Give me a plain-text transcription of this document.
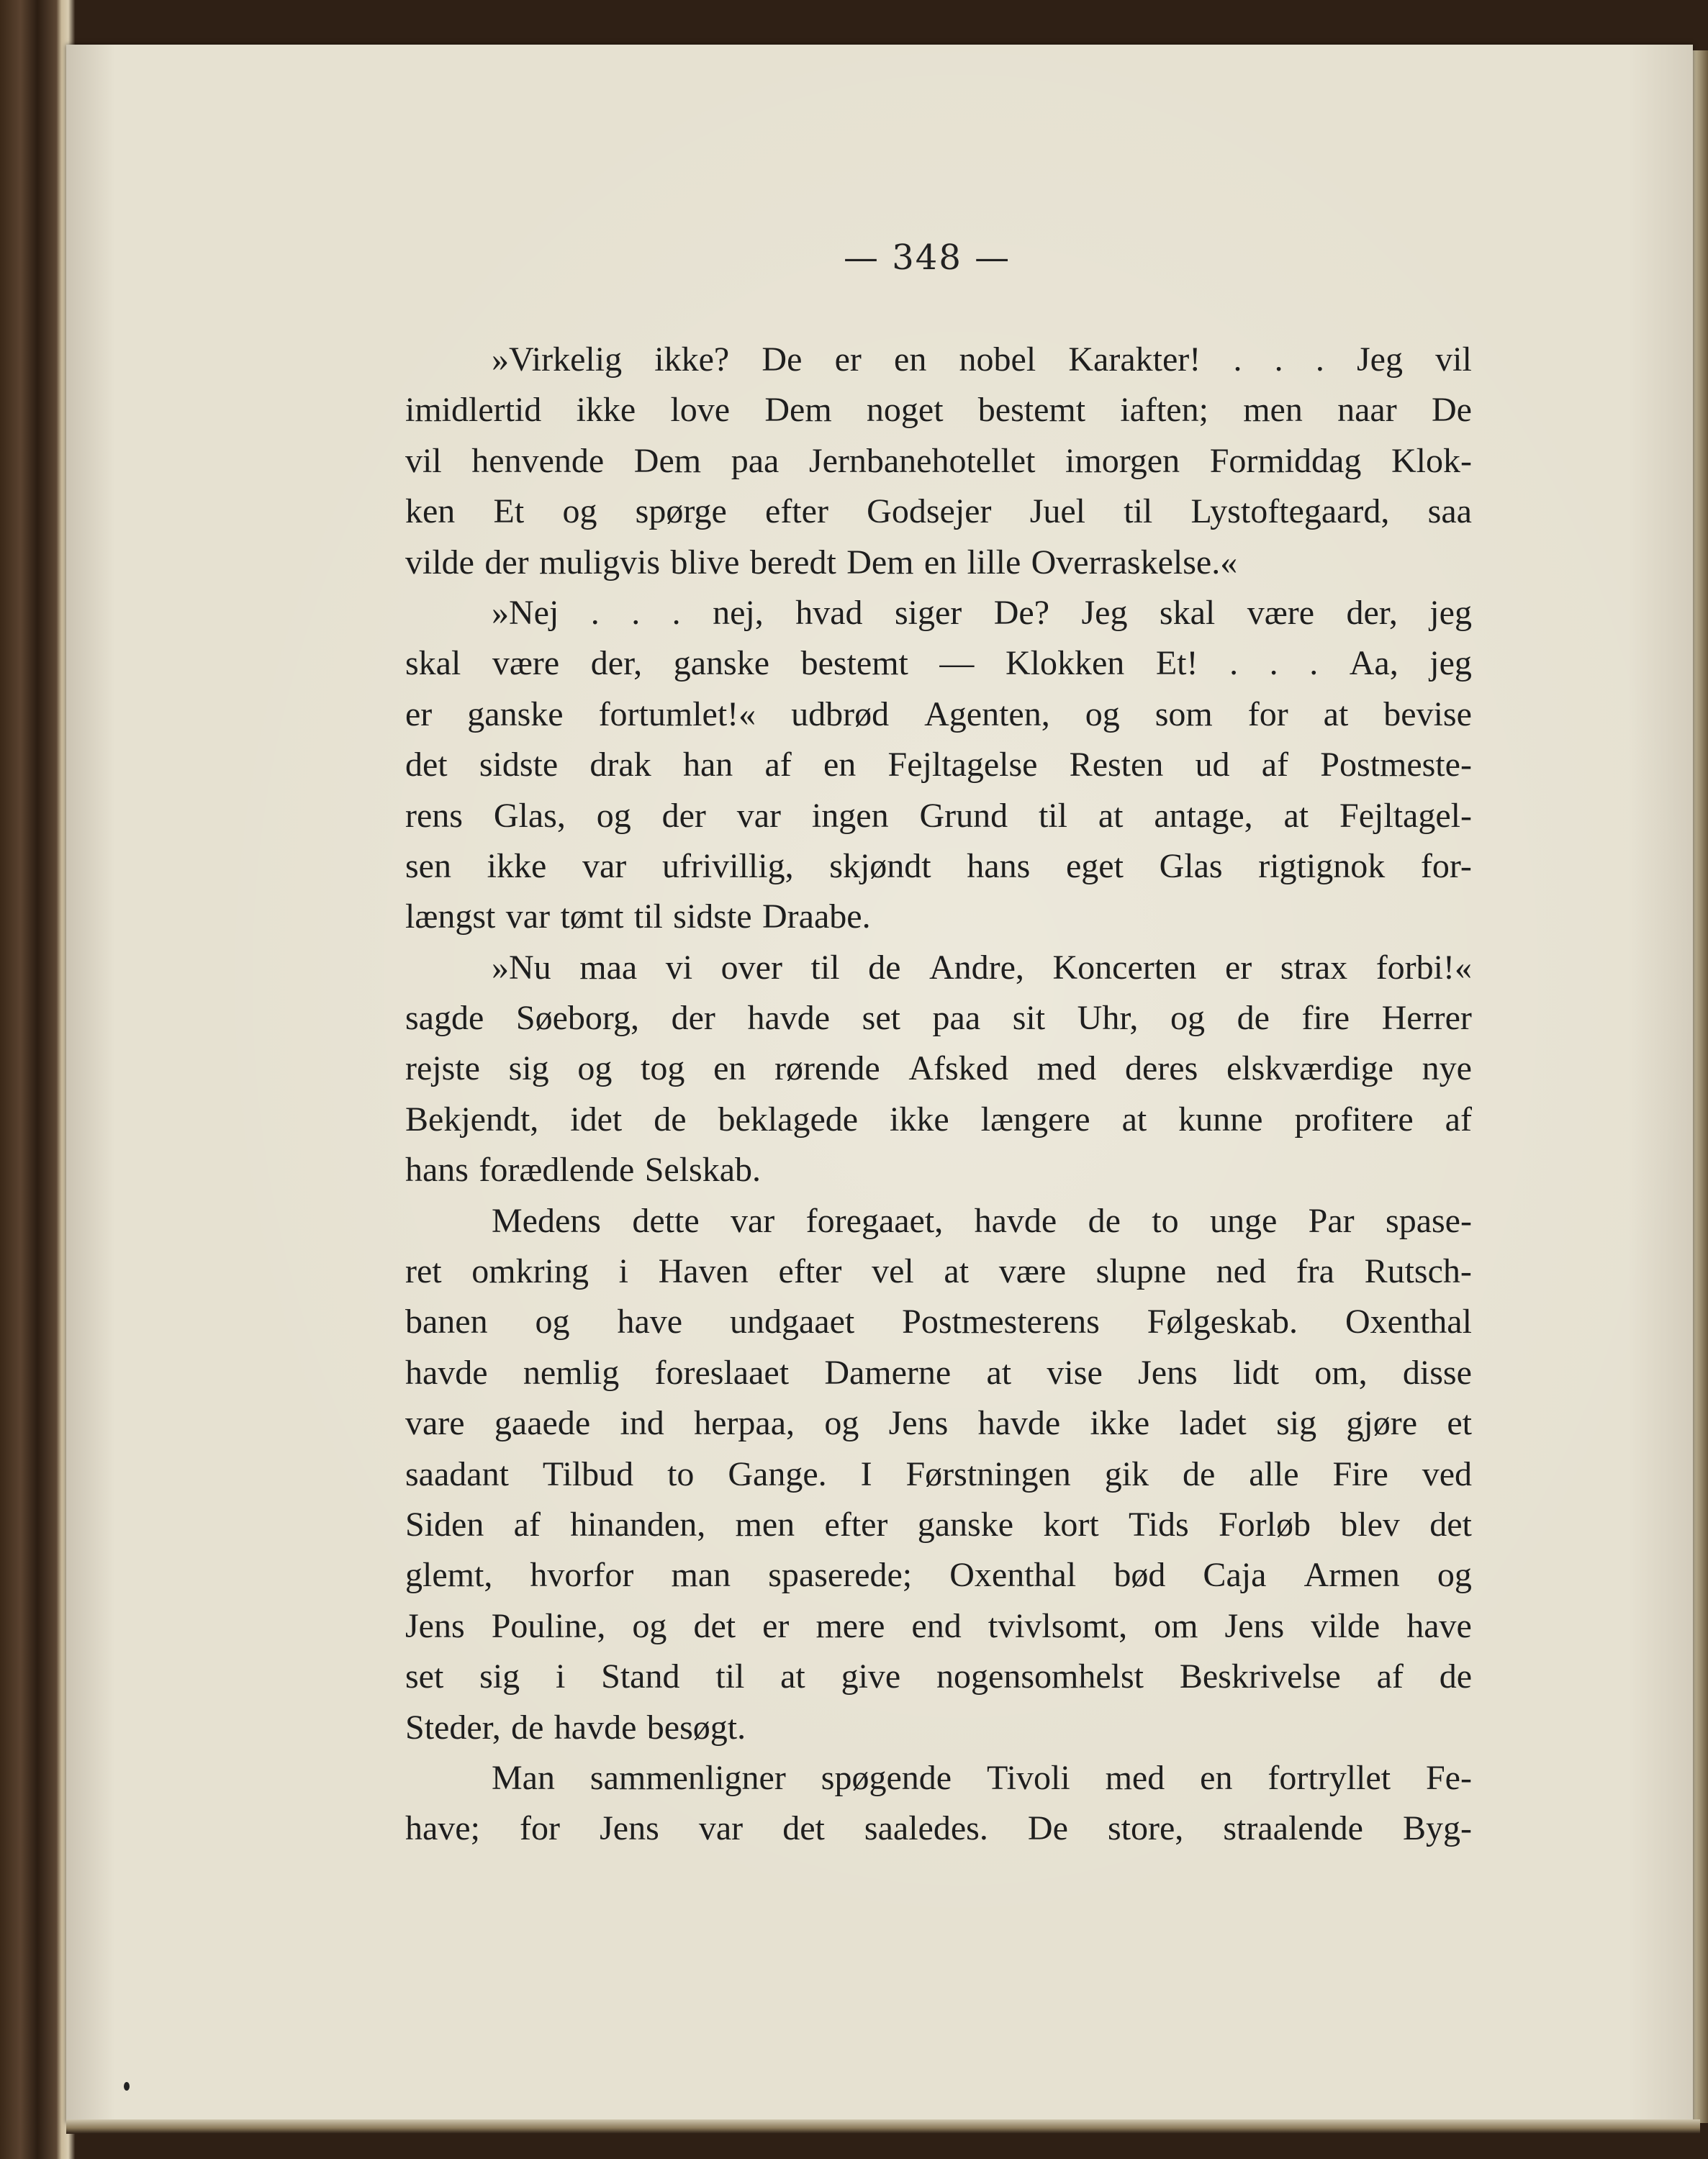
— 348 —
»Virkelig ikke? De er en nobel Karakter! . . . Jeg vil
imidlertid ikke love Dem noget bestemt iaften; men naar De
vil henvende Dem paa Jernbanehotellet imorgen Formiddag Klok-
ken Et og spørge efter Godsejer Juel til Lystoftegaard, saa
vilde der muligvis blive beredt Dem en lille Overraskelse.«
»Nej . . . nej, hvad siger De? Jeg skal være der, jeg
skal være der, ganske bestemt — Klokken Et! . . . Aa, jeg
er ganske fortumlet!« udbrød Agenten, og som for at bevise
det sidste drak han af en Fejltagelse Resten ud af Postmeste-
rens Glas, og der var ingen Grund til at antage, at Fejltagel-
sen ikke var ufrivillig, skjøndt hans eget Glas rigtignok for-
længst var tømt til sidste Draabe.
»Nu maa vi over til de Andre, Koncerten er strax forbi!«
sagde Søeborg, der havde set paa sit Uhr, og de fire Herrer
rejste sig og tog en rørende Afsked med deres elskværdige nye
Bekjendt, idet de beklagede ikke længere at kunne profitere af
hans forædlende Selskab.
Medens dette var foregaaet, havde de to unge Par spase-
ret omkring i Haven efter vel at være slupne ned fra Rutsch-
banen og have undgaaet Postmesterens Følgeskab. Oxenthal
havde nemlig foreslaaet Damerne at vise Jens lidt om, disse
vare gaaede ind herpaa, og Jens havde ikke ladet sig gjøre et
saadant Tilbud to Gange. I Førstningen gik de alle Fire ved
Siden af hinanden, men efter ganske kort Tids Forløb blev det
glemt, hvorfor man spaserede; Oxenthal bød Caja Armen og
Jens Pouline, og det er mere end tvivlsomt, om Jens vilde have
set sig i Stand til at give nogensomhelst Beskrivelse af de
Steder, de havde besøgt.
Man sammenligner spøgende Tivoli med en fortryllet Fe-
have; for Jens var det saaledes. De store, straalende Byg-
